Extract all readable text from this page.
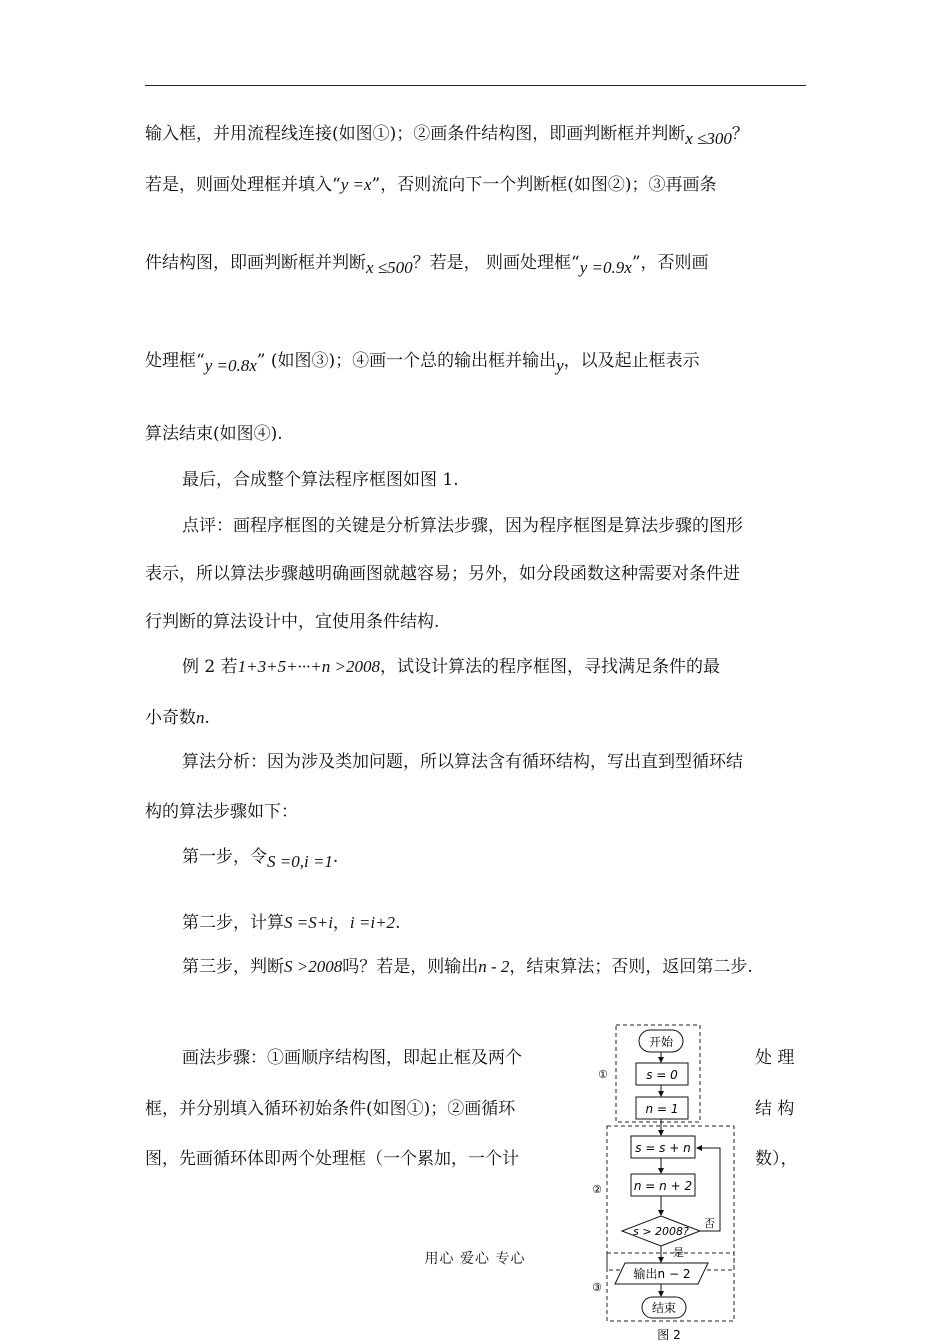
输入框，并用流程线连接(如图①)；②画条件结构图，即画判断框并判断x ≤300？
若是，则画处理框并填入“y =x”，否则流向下一个判断框(如图②)；③再画条
件结构图，即画判断框并判断x ≤500？若是， 则画处理框“y =0.9x”，否则画
处理框“y =0.8x” (如图③)；④画一个总的输出框并输出y，以及起止框表示
算法结束(如图④).
最后，合成整个算法程序框图如图 1.
点评：画程序框图的关键是分析算法步骤，因为程序框图是算法步骤的图形
表示，所以算法步骤越明确画图就越容易；另外，如分段函数这种需要对条件进
行判断的算法设计中，宜使用条件结构.
例 2 若1+3+5+···+n >2008，试设计算法的程序框图，寻找满足条件的最
小奇数n.
算法分析：因为涉及类加问题，所以算法含有循环结构，写出直到型循环结
构的算法步骤如下：
第一步，令S =0,i =1.
第二步，计算S =S+i，i =i+2.
第三步，判断S >2008吗？若是，则输出n - 2，结束算法；否则，返回第二步.
画法步骤：①画顺序结构图，即起止框及两个	处 理
框，并分别填入循环初始条件(如图①)；②画循环	结 构
图，先画循环体即两个处理框（一个累加，一个计	数），
①
②
③
开始
s = 0
n = 1
s = s + n
n = n + 2
s > 2008?
否
是
输出n − 2
结束
图 2
用心 爱心 专心
